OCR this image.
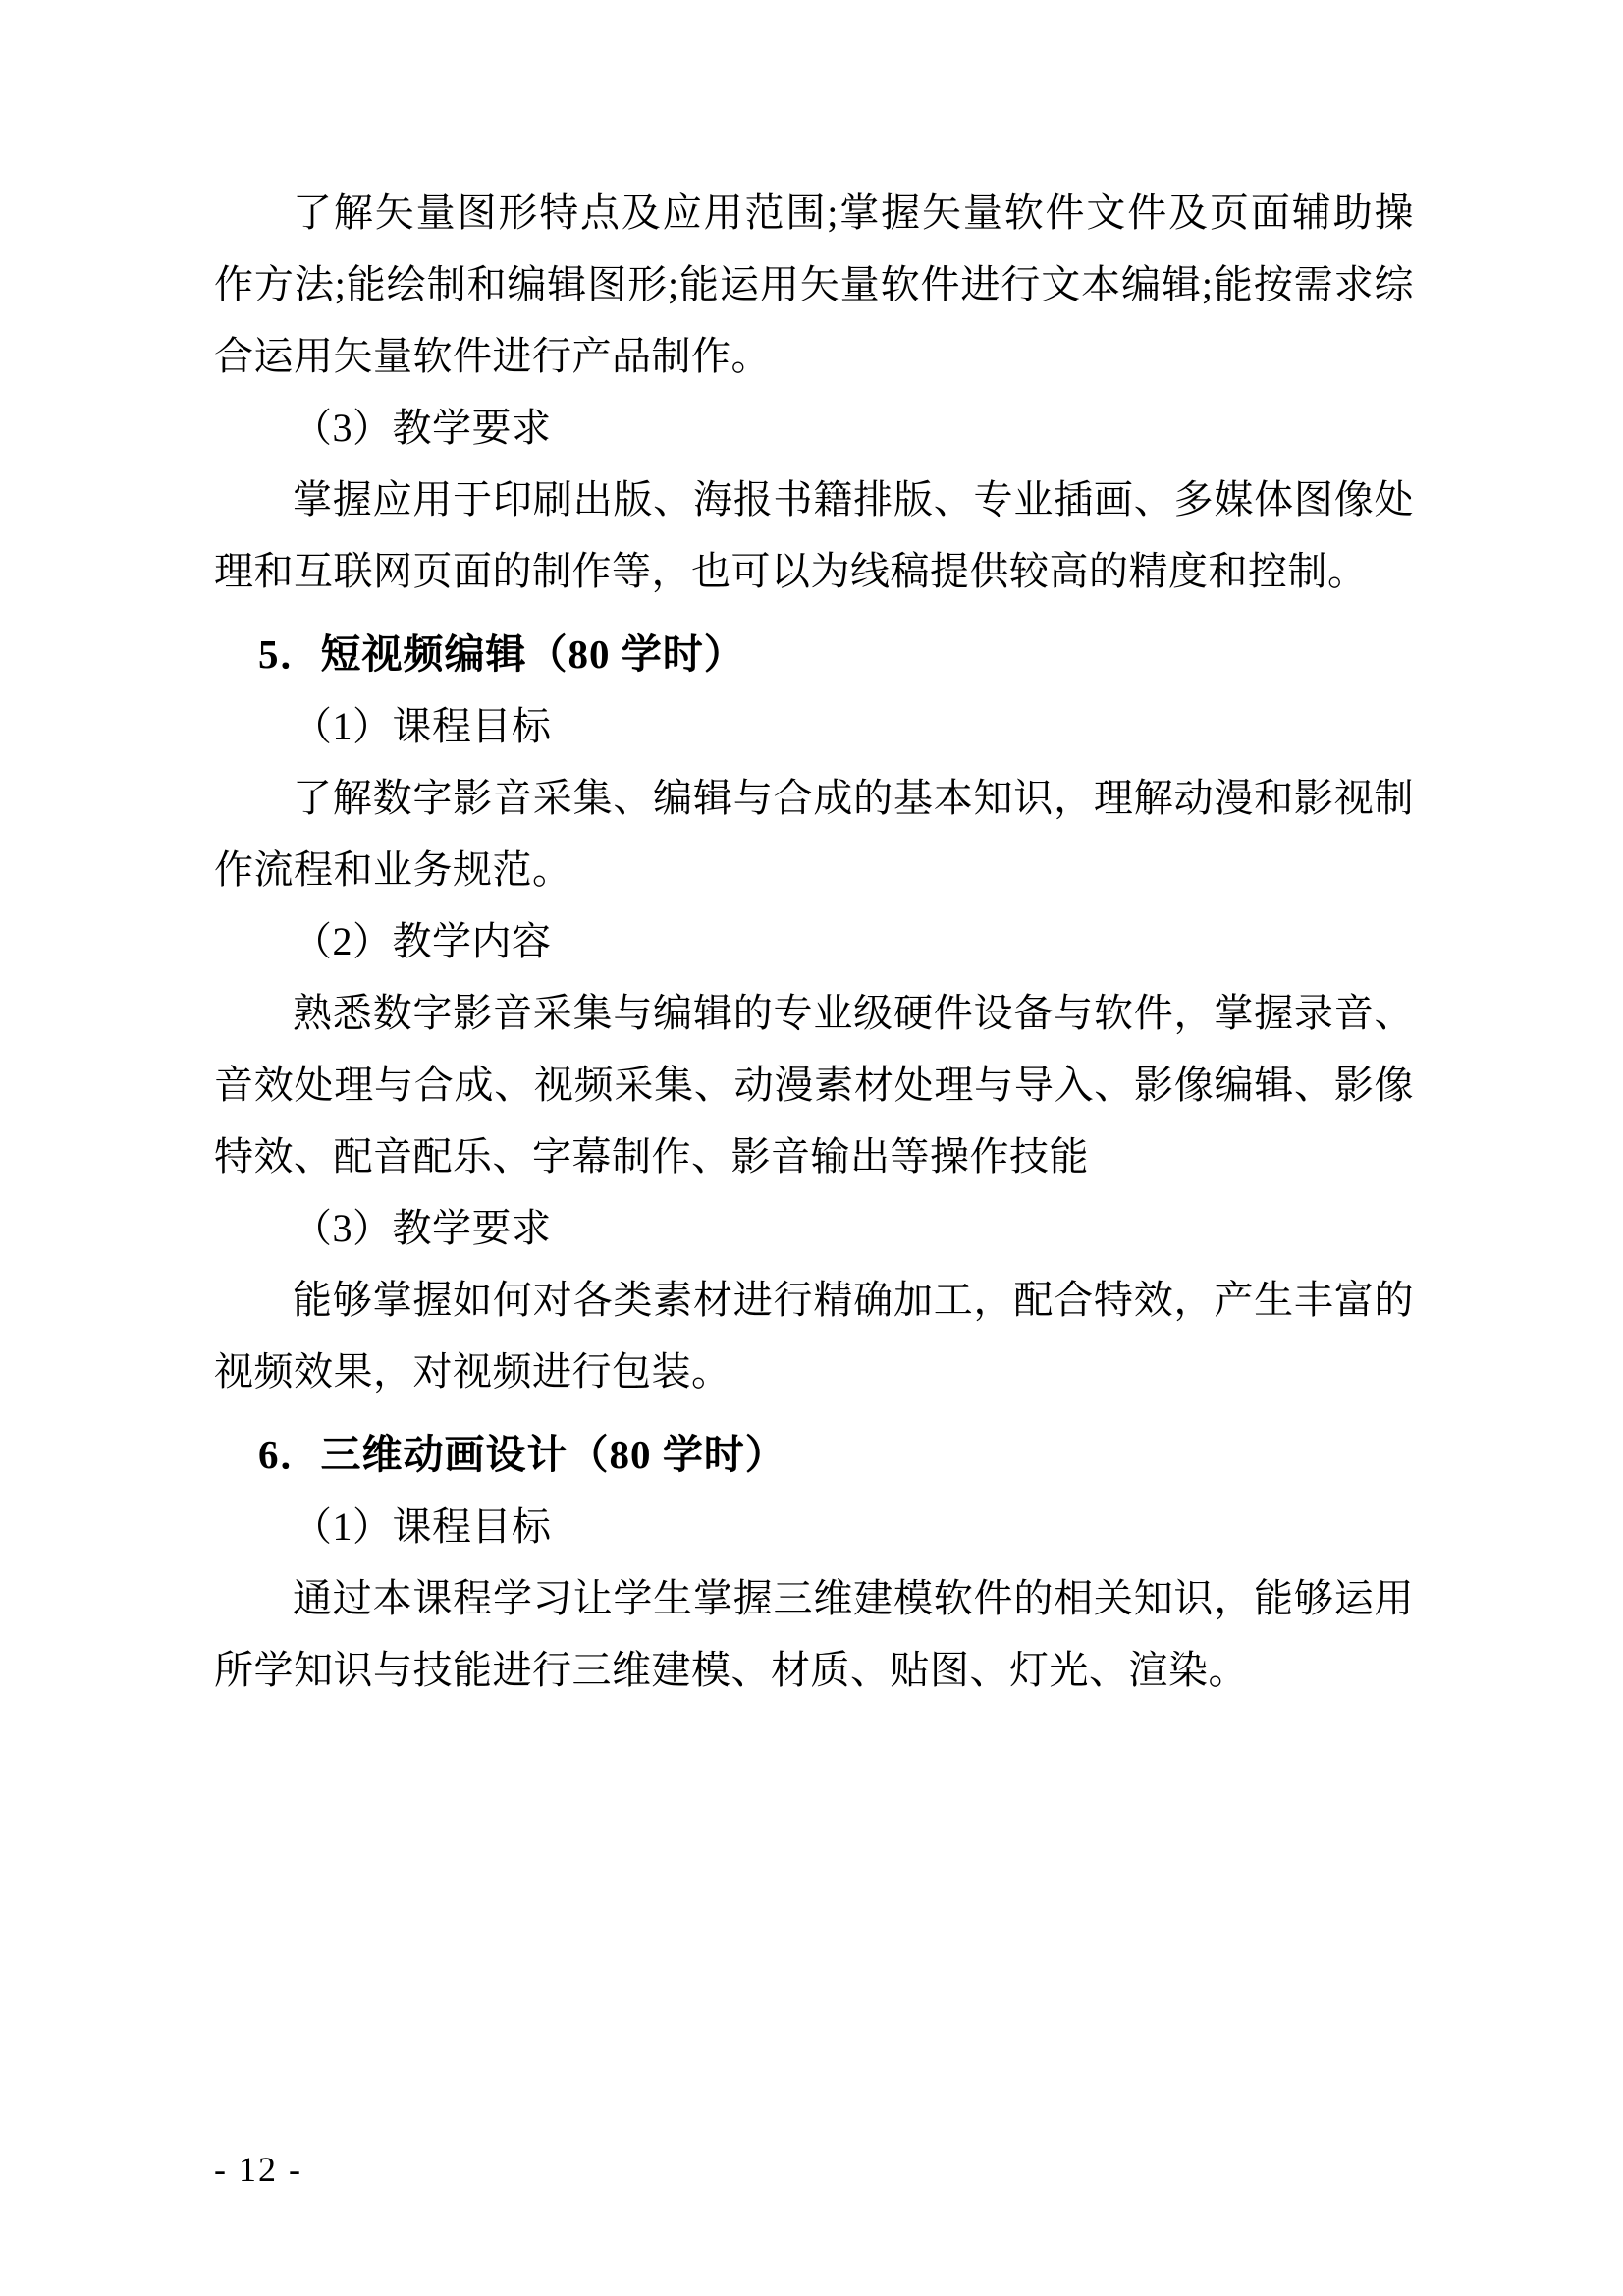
了解矢量图形特点及应用范围;掌握矢量软件文件及页面辅助操作方法;能绘制和编辑图形;能运用矢量软件进行文本编辑;能按需求综合运用矢量软件进行产品制作。

（3）教学要求

掌握应用于印刷出版、海报书籍排版、专业插画、多媒体图像处理和互联网页面的制作等，也可以为线稿提供较高的精度和控制。

5．短视频编辑（80 学时）

（1）课程目标

了解数字影音采集、编辑与合成的基本知识，理解动漫和影视制作流程和业务规范。

（2）教学内容

熟悉数字影音采集与编辑的专业级硬件设备与软件，掌握录音、音效处理与合成、视频采集、动漫素材处理与导入、影像编辑、影像特效、配音配乐、字幕制作、影音输出等操作技能

（3）教学要求

能够掌握如何对各类素材进行精确加工，配合特效，产生丰富的视频效果，对视频进行包装。

6．三维动画设计（80 学时）

（1）课程目标

通过本课程学习让学生掌握三维建模软件的相关知识，能够运用所学知识与技能进行三维建模、材质、贴图、灯光、渲染。

- 12 -
